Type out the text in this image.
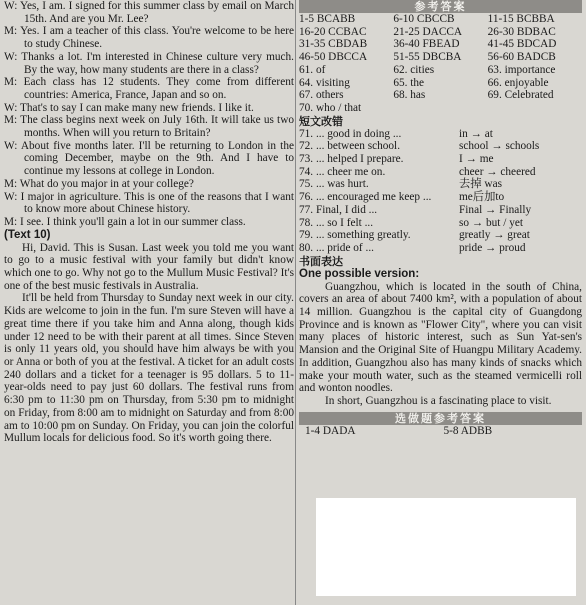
W: Yes, I am. I signed for this summer class by email on March 15th. And are you Mr. Lee?

M: Yes. I am a teacher of this class. You're welcome to be here to study Chinese.

W: Thanks a lot. I'm interested in Chinese culture very much. By the way, how many students are there in a class?

M: Each class has 12 students. They come from different countries: America, France, Japan and so on.

W: That's to say I can make many new friends. I like it.

M: The class begins next week on July 16th. It will take us two months. When will you return to Britain?

W: About five months later. I'll be returning to London in the coming December, maybe on the 9th. And I have to continue my lessons at college in London.

M: What do you major in at your college?

W: I major in agriculture. This is one of the reasons that I want to know more about Chinese history.

M: I see. I think you'll gain a lot in our summer class.

(Text 10)

Hi, David. This is Susan. Last week you told me you want to go to a music festival with your family but didn't know which one to go. Why not go to the Mullum Music Festival? It's one of the best music festivals in Australia.

It'll be held from Thursday to Sunday next week in our city. Kids are welcome to join in the fun. I'm sure Steven will have a great time there if you take him and Anna along, though kids under 12 need to be with their parent at all times. Since Steven is only 11 years old, you should have him always be with you or Anna or both of you at the festival. A ticket for an adult costs 240 dollars and a ticket for a teenager is 95 dollars. 5 to 11-year-olds need to pay just 60 dollars. The festival runs from 6:30 pm to 11:30 pm on Thursday, from 5:30 pm to midnight on Friday, from 8:00 am to midnight on Saturday and from 8:00 am to 10:00 pm on Sunday. On Friday, you can join the colorful Mullum locals for delicious food. So it's worth going there.

参考答案

1-5 BCABB	6-10 CBCCB	11-15 BCBBA
16-20 CCBAC	21-25 DACCA	26-30 BDBAC
31-35 CBDAB	36-40 FBEAD	41-45 BDCAD
46-50 DBCCA	51-55 DBCBA	56-60 BADCB
61. of	62. cities	63. importance
64. visiting	65. the	66. enjoyable
67. others	68. has	69. Celebrated
70. who / that

短文改错

71. ... good in doing ...	in → at
72. ... between school.	school → schools
73. ... helped I prepare.	I → me
74. ... cheer me on.	cheer → cheered
75. ... was hurt.	去掉 was
76. ... encouraged me keep ...	me后加to
77. Final, I did ...	Final → Finally
78. ... so I felt ...	so → but / yet
79. ... something greatly.	greatly → great
80. ... pride of ...	pride → proud

书面表达

One possible version:

Guangzhou, which is located in the south of China, covers an area of about 7400 km², with a population of about 14 million. Guangzhou is the capital city of Guangdong Province and is known as "Flower City", where you can visit many places of historic interest, such as Sun Yat-sen's Mansion and the Original Site of Huangpu Military Academy. In addition, Guangzhou also has many kinds of snacks which make your mouth water, such as the steamed vermicelli roll and wonton noodles.

In short, Guangzhou is a fascinating place to visit.

选做题参考答案

1-4 DADA	5-8 ADBB
